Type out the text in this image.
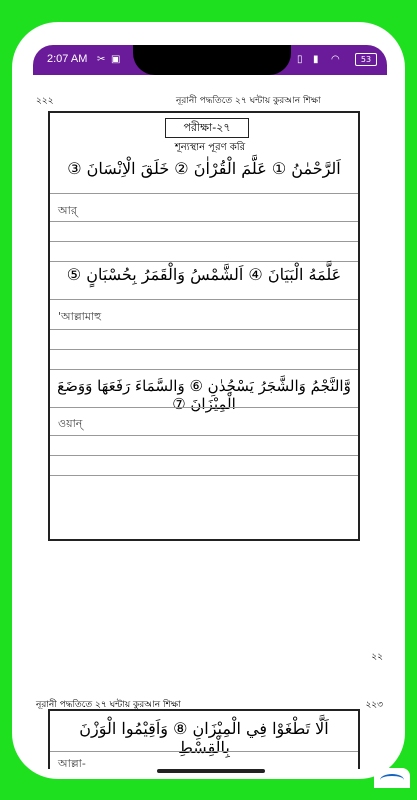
2:07 AM ✂ ▣	▯ ▮ ◠	53
২২২	নূরানী পদ্ধতিতে ২৭ ঘন্টায় কুরআন শিক্ষা
পরীক্ষা-২৭
শূন্যস্থান পূরণ করি
اَلرَّحْمٰنُ ① عَلَّمَ الْقُرْاٰنَ ② خَلَقَ الْاِنْسَانَ ③
আর্
عَلَّمَهُ الْبَيَانَ ④ اَلشَّمْسُ وَالْقَمَرُ بِحُسْبَانٍ ⑤
'আল্লামাহু
وَّالنَّجْمُ وَالشَّجَرُ يَسْجُدٰنِ ⑥ وَالسَّمَاءَ رَفَعَهَا وَوَضَعَ الْمِيْزَانَ ⑦
ওয়ান্
২২
নূরানী পদ্ধতিতে ২৭ ঘন্টায় কুরআন শিক্ষা	২২৩
اَلَّا تَطْغَوْا فِي الْمِيْزَانِ ⑧ وَاَقِيْمُوا الْوَزْنَ بِالْقِسْطِ
আল্লা-
